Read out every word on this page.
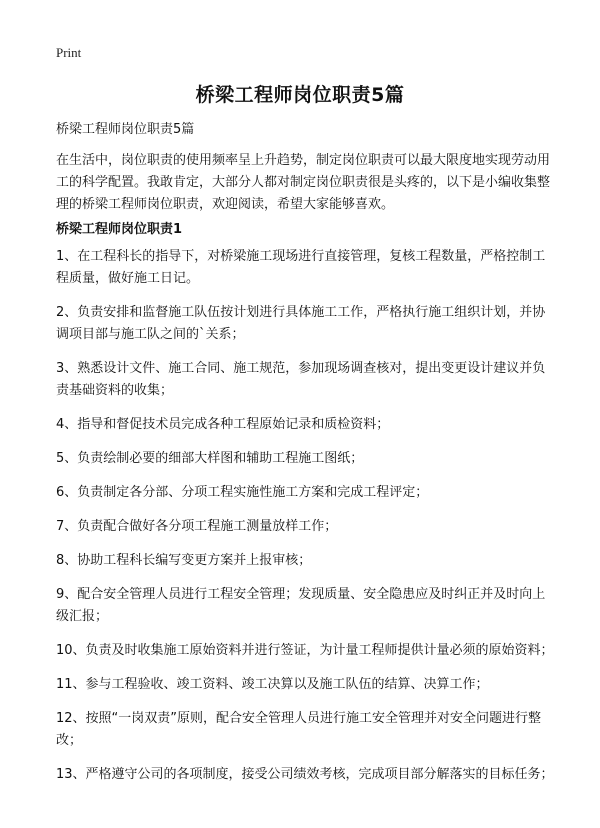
Print
桥梁工程师岗位职责5篇
桥梁工程师岗位职责5篇
在生活中，岗位职责的使用频率呈上升趋势，制定岗位职责可以最大限度地实现劳动用工的科学配置。我敢肯定，大部分人都对制定岗位职责很是头疼的，以下是小编收集整理的桥梁工程师岗位职责，欢迎阅读，希望大家能够喜欢。
桥梁工程师岗位职责1
1、在工程科长的指导下，对桥梁施工现场进行直接管理，复核工程数量，严格控制工程质量，做好施工日记。
2、负责安排和监督施工队伍按计划进行具体施工工作，严格执行施工组织计划，并协调项目部与施工队之间的`关系；
3、熟悉设计文件、施工合同、施工规范，参加现场调查核对，提出变更设计建议并负责基础资料的收集；
4、指导和督促技术员完成各种工程原始记录和质检资料；
5、负责绘制必要的细部大样图和辅助工程施工图纸；
6、负责制定各分部、分项工程实施性施工方案和完成工程评定；
7、负责配合做好各分项工程施工测量放样工作；
8、协助工程科长编写变更方案并上报审核；
9、配合安全管理人员进行工程安全管理；发现质量、安全隐患应及时纠正并及时向上级汇报；
10、负责及时收集施工原始资料并进行签证，为计量工程师提供计量必须的原始资料；
11、参与工程验收、竣工资料、竣工决算以及施工队伍的结算、决算工作；
12、按照“一岗双责”原则，配合安全管理人员进行施工安全管理并对安全问题进行整改；
13、严格遵守公司的各项制度，接受公司绩效考核，完成项目部分解落实的目标任务；
